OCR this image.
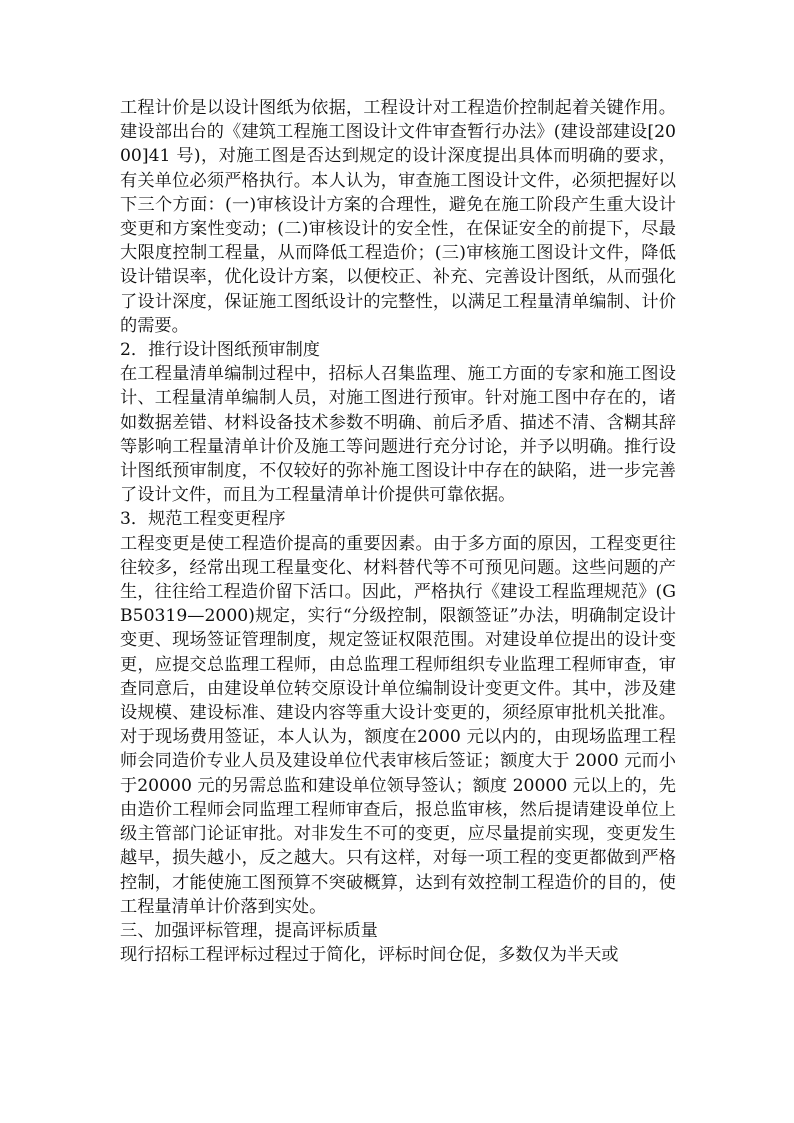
工程计价是以设计图纸为依据，工程设计对工程造价控制起着关键作用。建设部出台的《建筑工程施工图设计文件审查暂行办法》(建设部建设[2000]41 号)，对施工图是否达到规定的设计深度提出具体而明确的要求，有关单位必须严格执行。本人认为，审查施工图设计文件，必须把握好以下三个方面：(一)审核设计方案的合理性，避免在施工阶段产生重大设计变更和方案性变动；(二)审核设计的安全性，在保证安全的前提下，尽最大限度控制工程量，从而降低工程造价；(三)审核施工图设计文件，降低设计错误率，优化设计方案，以便校正、补充、完善设计图纸，从而强化了设计深度，保证施工图纸设计的完整性，以满足工程量清单编制、计价的需要。

2．推行设计图纸预审制度

在工程量清单编制过程中，招标人召集监理、施工方面的专家和施工图设计、工程量清单编制人员，对施工图进行预审。针对施工图中存在的，诸如数据差错、材料设备技术参数不明确、前后矛盾、描述不清、含糊其辞等影响工程量清单计价及施工等问题进行充分讨论，并予以明确。推行设计图纸预审制度，不仅较好的弥补施工图设计中存在的缺陷，进一步完善了设计文件，而且为工程量清单计价提供可靠依据。

3．规范工程变更程序

工程变更是使工程造价提高的重要因素。由于多方面的原因，工程变更往往较多，经常出现工程量变化、材料替代等不可预见问题。这些问题的产生，往往给工程造价留下活口。因此，严格执行《建设工程监理规范》(GB50319—2000)规定，实行“分级控制，限额签证”办法，明确制定设计变更、现场签证管理制度，规定签证权限范围。对建设单位提出的设计变更，应提交总监理工程师，由总监理工程师组织专业监理工程师审查，审查同意后，由建设单位转交原设计单位编制设计变更文件。其中，涉及建设规模、建设标准、建设内容等重大设计变更的，须经原审批机关批准。对于现场费用签证，本人认为，额度在2000 元以内的，由现场监理工程师会同造价专业人员及建设单位代表审核后签证；额度大于 2000 元而小于20000 元的另需总监和建设单位领导签认；额度 20000 元以上的，先由造价工程师会同监理工程师审查后，报总监审核，然后提请建设单位上级主管部门论证审批。对非发生不可的变更，应尽量提前实现，变更发生越早，损失越小，反之越大。只有这样，对每一项工程的变更都做到严格控制，才能使施工图预算不突破概算，达到有效控制工程造价的目的，使工程量清单计价落到实处。

三、加强评标管理，提高评标质量

现行招标工程评标过程过于简化，评标时间仓促，多数仅为半天或
